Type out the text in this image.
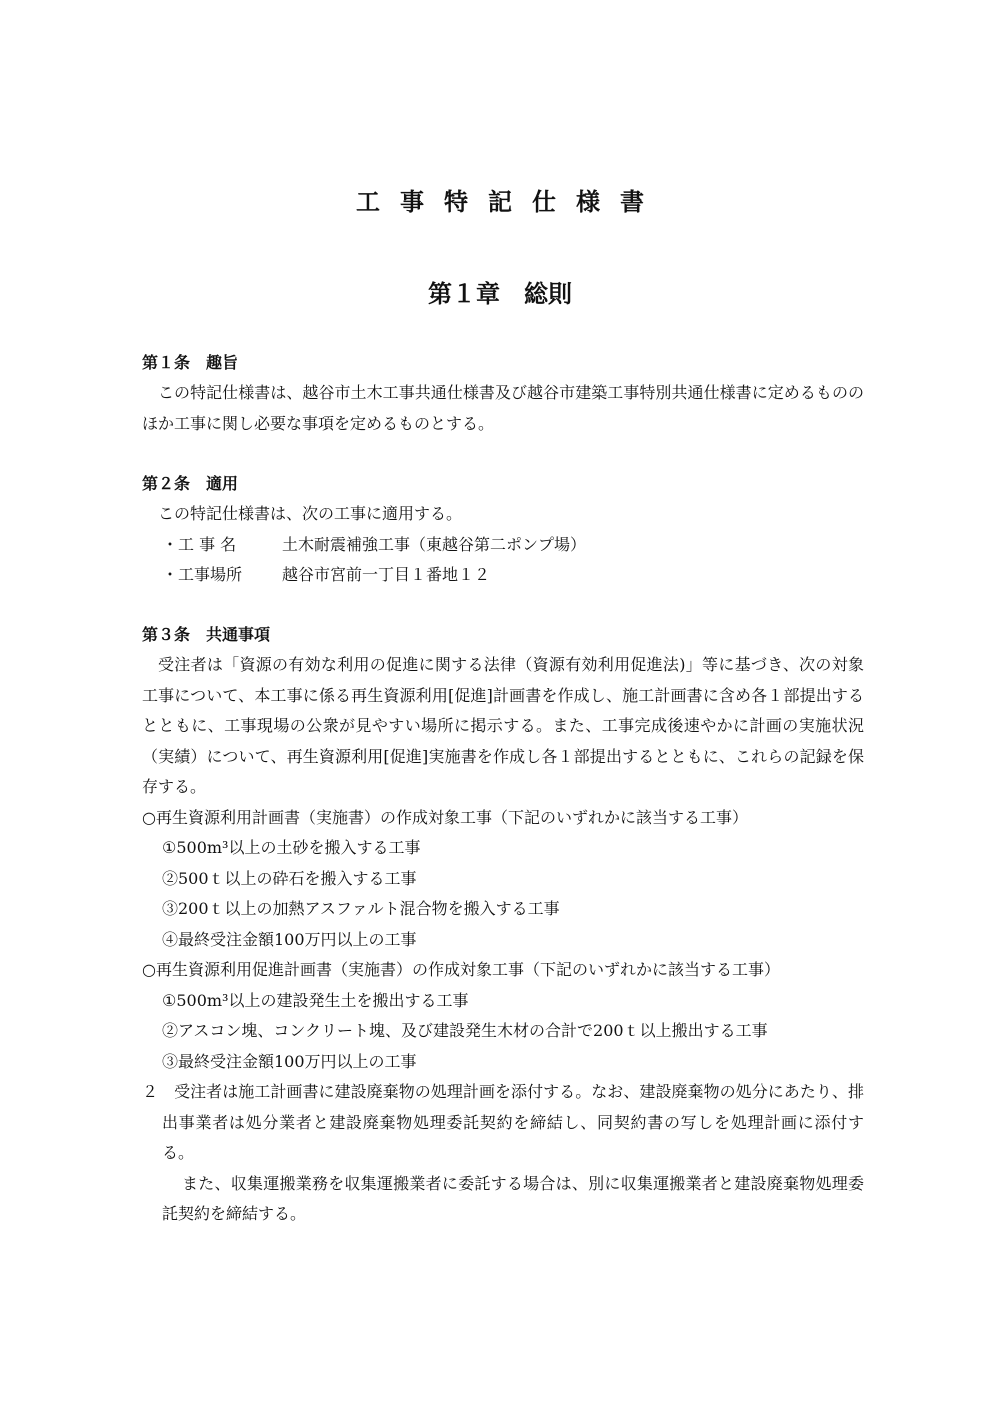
工事特記仕様書
第１章　総則
第１条　趣旨
この特記仕様書は、越谷市土木工事共通仕様書及び越谷市建築工事特別共通仕様書に定めるもののほか工事に関し必要な事項を定めるものとする。
第２条　適用
この特記仕様書は、次の工事に適用する。
・工 事 名	土木耐震補強工事（東越谷第二ポンプ場）
・工事場所 越谷市宮前一丁目１番地１２
第３条　共通事項
受注者は「資源の有効な利用の促進に関する法律（資源有効利用促進法)」等に基づき、次の対象工事について、本工事に係る再生資源利用[促進]計画書を作成し、施工計画書に含め各１部提出するとともに、工事現場の公衆が見やすい場所に掲示する。また、工事完成後速やかに計画の実施状況（実績）について、再生資源利用[促進]実施書を作成し各１部提出するとともに、これらの記録を保存する。
○再生資源利用計画書（実施書）の作成対象工事（下記のいずれかに該当する工事）
①500m³以上の土砂を搬入する工事
②500ｔ以上の砕石を搬入する工事
③200ｔ以上の加熱アスファルト混合物を搬入する工事
④最終受注金額100万円以上の工事
○再生資源利用促進計画書（実施書）の作成対象工事（下記のいずれかに該当する工事）
①500m³以上の建設発生土を搬出する工事
②アスコン塊、コンクリート塊、及び建設発生木材の合計で200ｔ以上搬出する工事
③最終受注金額100万円以上の工事
２　受注者は施工計画書に建設廃棄物の処理計画を添付する。なお、建設廃棄物の処分にあたり、排出事業者は処分業者と建設廃棄物処理委託契約を締結し、同契約書の写しを処理計画に添付する。
また、収集運搬業務を収集運搬業者に委託する場合は、別に収集運搬業者と建設廃棄物処理委託契約を締結する。
